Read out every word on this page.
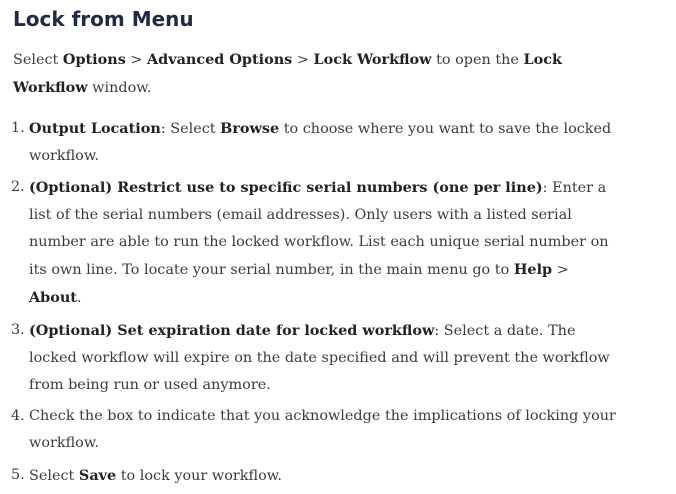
Lock from Menu

Select Options > Advanced Options > Lock Workflow to open the Lock Workflow window.

1. Output Location: Select Browse to choose where you want to save the locked workflow.
2. (Optional) Restrict use to specific serial numbers (one per line): Enter a list of the serial numbers (email addresses). Only users with a listed serial number are able to run the locked workflow. List each unique serial number on its own line. To locate your serial number, in the main menu go to Help > About.
3. (Optional) Set expiration date for locked workflow: Select a date. The locked workflow will expire on the date specified and will prevent the workflow from being run or used anymore.
4. Check the box to indicate that you acknowledge the implications of locking your workflow.
5. Select Save to lock your workflow.
